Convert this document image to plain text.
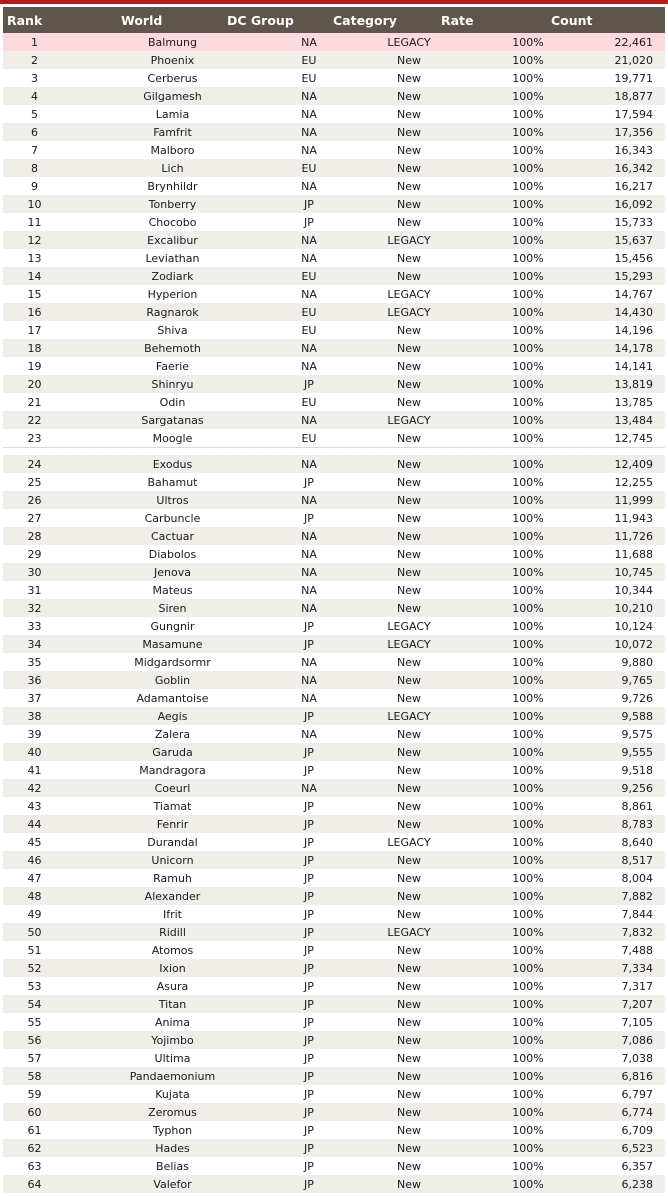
Rank	World	DC Group	Category	Rate	Count
1	Balmung	NA	LEGACY	100%	22,461
2	Phoenix	EU	New	100%	21,020
3	Cerberus	EU	New	100%	19,771
4	Gilgamesh	NA	New	100%	18,877
5	Lamia	NA	New	100%	17,594
6	Famfrit	NA	New	100%	17,356
7	Malboro	NA	New	100%	16,343
8	Lich	EU	New	100%	16,342
9	Brynhildr	NA	New	100%	16,217
10	Tonberry	JP	New	100%	16,092
11	Chocobo	JP	New	100%	15,733
12	Excalibur	NA	LEGACY	100%	15,637
13	Leviathan	NA	New	100%	15,456
14	Zodiark	EU	New	100%	15,293
15	Hyperion	NA	LEGACY	100%	14,767
16	Ragnarok	EU	LEGACY	100%	14,430
17	Shiva	EU	New	100%	14,196
18	Behemoth	NA	New	100%	14,178
19	Faerie	NA	New	100%	14,141
20	Shinryu	JP	New	100%	13,819
21	Odin	EU	New	100%	13,785
22	Sargatanas	NA	LEGACY	100%	13,484
23	Moogle	EU	New	100%	12,745
24	Exodus	NA	New	100%	12,409
25	Bahamut	JP	New	100%	12,255
26	Ultros	NA	New	100%	11,999
27	Carbuncle	JP	New	100%	11,943
28	Cactuar	NA	New	100%	11,726
29	Diabolos	NA	New	100%	11,688
30	Jenova	NA	New	100%	10,745
31	Mateus	NA	New	100%	10,344
32	Siren	NA	New	100%	10,210
33	Gungnir	JP	LEGACY	100%	10,124
34	Masamune	JP	LEGACY	100%	10,072
35	Midgardsormr	NA	New	100%	9,880
36	Goblin	NA	New	100%	9,765
37	Adamantoise	NA	New	100%	9,726
38	Aegis	JP	LEGACY	100%	9,588
39	Zalera	NA	New	100%	9,575
40	Garuda	JP	New	100%	9,555
41	Mandragora	JP	New	100%	9,518
42	Coeurl	NA	New	100%	9,256
43	Tiamat	JP	New	100%	8,861
44	Fenrir	JP	New	100%	8,783
45	Durandal	JP	LEGACY	100%	8,640
46	Unicorn	JP	New	100%	8,517
47	Ramuh	JP	New	100%	8,004
48	Alexander	JP	New	100%	7,882
49	Ifrit	JP	New	100%	7,844
50	Ridill	JP	LEGACY	100%	7,832
51	Atomos	JP	New	100%	7,488
52	Ixion	JP	New	100%	7,334
53	Asura	JP	New	100%	7,317
54	Titan	JP	New	100%	7,207
55	Anima	JP	New	100%	7,105
56	Yojimbo	JP	New	100%	7,086
57	Ultima	JP	New	100%	7,038
58	Pandaemonium	JP	New	100%	6,816
59	Kujata	JP	New	100%	6,797
60	Zeromus	JP	New	100%	6,774
61	Typhon	JP	New	100%	6,709
62	Hades	JP	New	100%	6,523
63	Belias	JP	New	100%	6,357
64	Valefor	JP	New	100%	6,238
